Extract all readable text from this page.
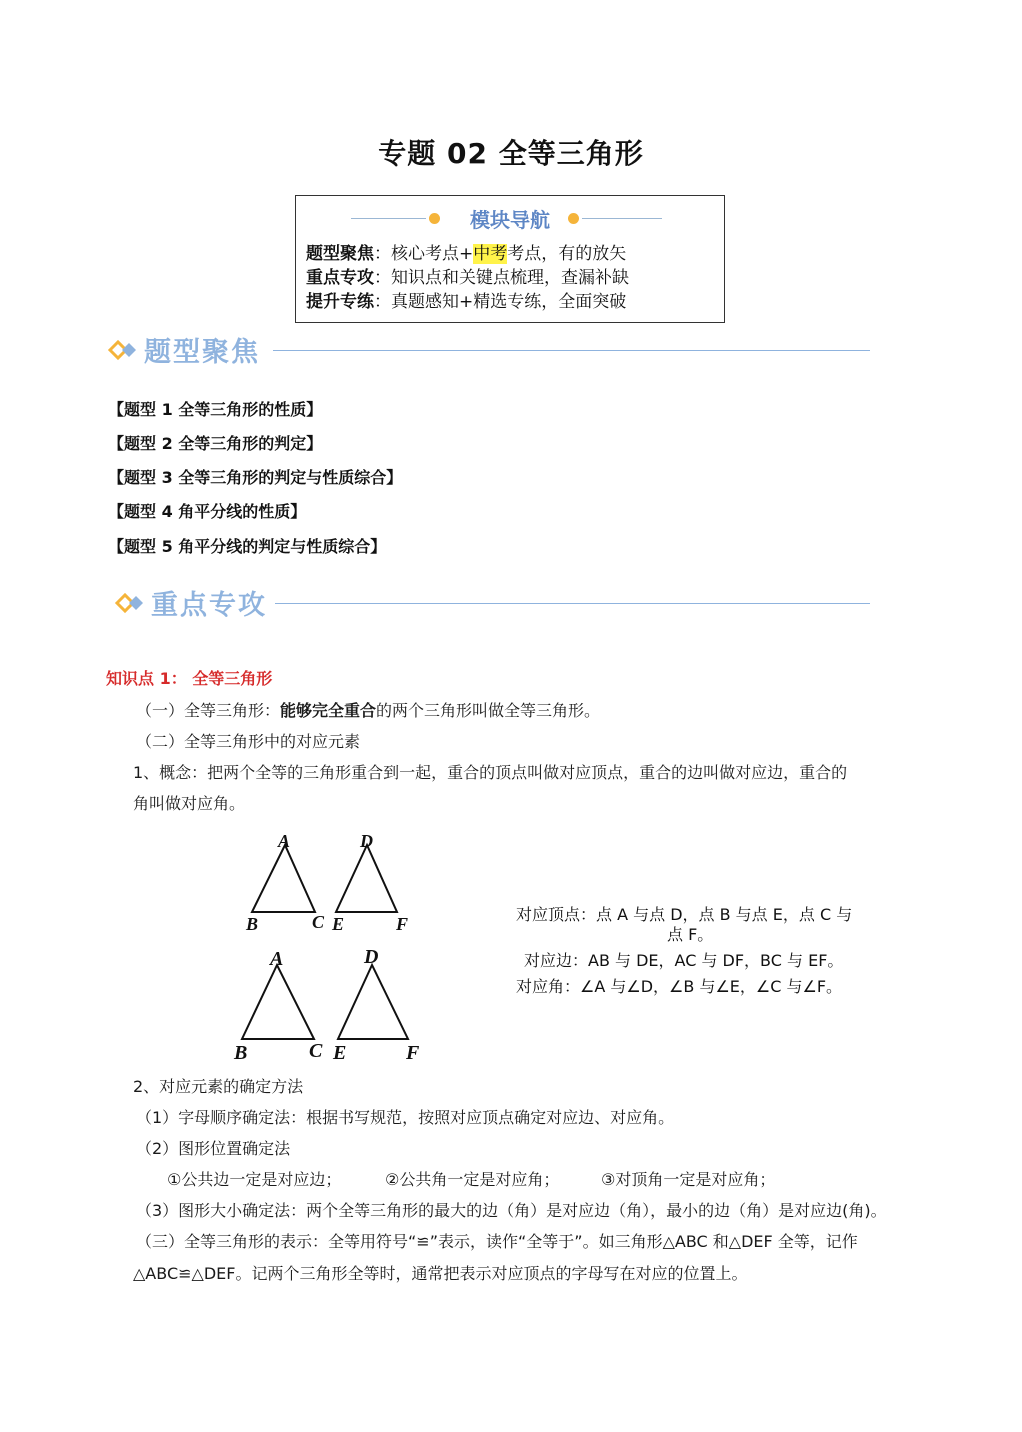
专题 02 全等三角形
模块导航
题型聚焦：核心考点+中考考点，有的放矢
重点专攻：知识点和关键点梳理，查漏补缺
提升专练：真题感知+精选专练，全面突破
题型聚焦
【题型 1 全等三角形的性质】
【题型 2 全等三角形的判定】
【题型 3 全等三角形的判定与性质综合】
【题型 4 角平分线的性质】
【题型 5 角平分线的判定与性质综合】
重点专攻
知识点 1： 全等三角形
（一）全等三角形：能够完全重合的两个三角形叫做全等三角形。
（二）全等三角形中的对应元素
1、概念：把两个全等的三角形重合到一起，重合的顶点叫做对应顶点，重合的边叫做对应边，重合的
角叫做对应角。
A
B	C
D
E	F
A
B	C
D
E	F
对应顶点：点 A 与点 D，点 B 与点 E，点 C 与
点 F。
对应边：AB 与 DE，AC 与 DF，BC 与 EF。
对应角：∠A 与∠D，∠B 与∠E，∠C 与∠F。
2、对应元素的确定方法
（1）字母顺序确定法：根据书写规范，按照对应顶点确定对应边、对应角。
（2）图形位置确定法
①公共边一定是对应边；	②公共角一定是对应角；	③对顶角一定是对应角；
（3）图形大小确定法：两个全等三角形的最大的边（角）是对应边（角），最小的边（角）是对应边(角)。
（三）全等三角形的表示：全等用符号“≌”表示，读作“全等于”。如三角形△ABC 和△DEF 全等，记作
△ABC≌△DEF。记两个三角形全等时，通常把表示对应顶点的字母写在对应的位置上。
